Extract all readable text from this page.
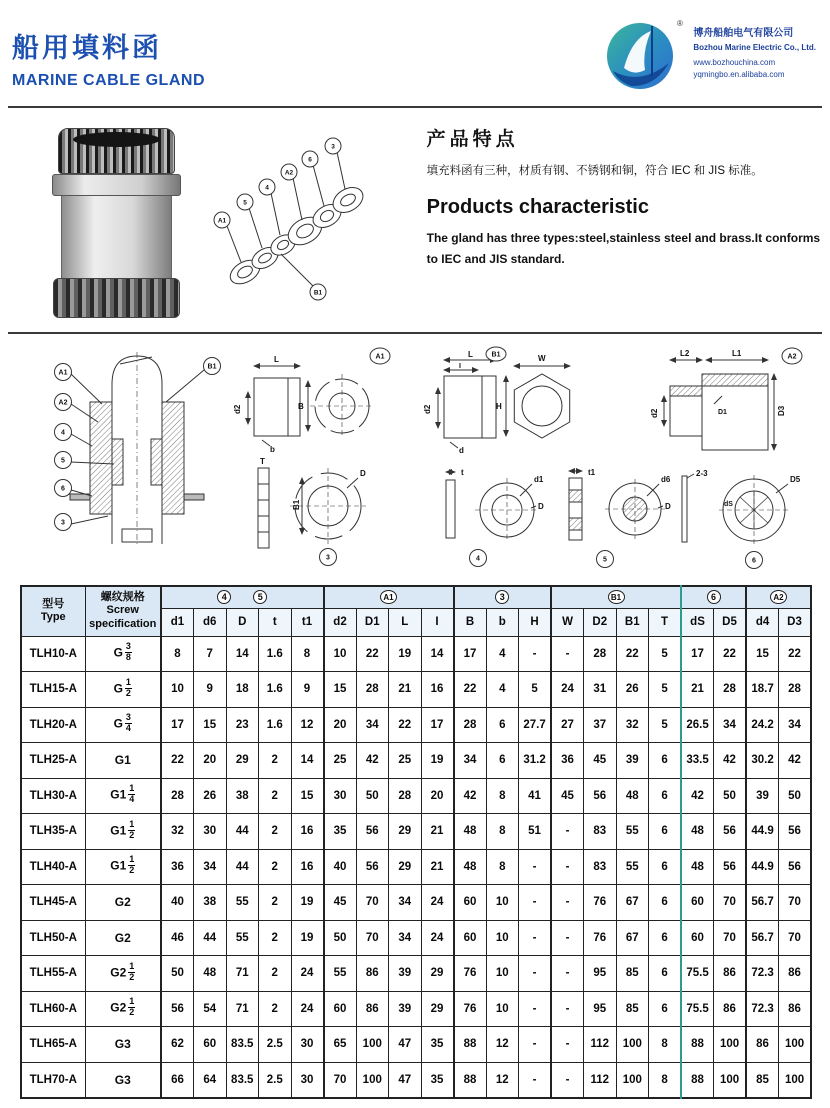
船用填料函
MARINE CABLE GLAND
®
博舟船舶电气有限公司
Bozhou Marine Electric Co., Ltd.
www.bozhouchina.com
yqmingbo.en.alibaba.com
A1
5
4
A2
6
3
B1
产品特点
填充料函有三种，材质有钢、不锈钢和铜，符合 IEC 和 JIS 标准。
Products characteristic
The gland has three types:steel,stainless steel and brass.It conforms to IEC and JIS standard.
A1
A2
4
5
6
3
B1
L
d2
b
B
A1
T
B1
D
3
L
I
d2
d
W
H
B1	L2	L1
d2	D1	D3
A2
t
d1
D
4
t1
d6
D
5
2-3
D5
dS
6
型号
Type

螺纹规格
Screw
specification
	4	5	A1	3	B1	6	A2
		d1	d6	D	t	t1	d2	D1	L	I	B	b	H	W	D2	B1	T	dS	D5	d4	D3
TLH10-A	G $\frac{3}{8}$	8	7	14	1.6	8	10	22	19	14	17	4	-	-	28	22	5	17	22	15	22
TLH15-A	G $\frac{1}{2}$	10	9	18	1.6	9	15	28	21	16	22	4	5	24	31	26	5	21	28	18.7	28
TLH20-A	G $\frac{3}{4}$	17	15	23	1.6	12	20	34	22	17	28	6	27.7	27	37	32	5	26.5	34	24.2	34
TLH25-A	G1	22	20	29	2	14	25	42	25	19	34	6	31.2	36	45	39	6	33.5	42	30.2	42
TLH30-A	$G1 \frac{1}{4}$	28	26	38	2	15	30	50	28	20	42	8	41	45	56	48	6	42	50	39	50
TLH35-A	$G1 \frac{1}{2}$	32	30	44	2	16	35	56	29	21	48	8	51	-	83	55	6	48	56	44.9	56
TLH40-A	$G1 \frac{1}{2}$	36	34	44	2	16	40	56	29	21	48	8	-	-	83	55	6	48	56	44.9	56
TLH45-A	G2	40	38	55	2	19	45	70	34	24	60	10	-	-	76	67	6	60	70	56.7	70
TLH50-A	G2	46	44	55	2	19	50	70	34	24	60	10	-	-	76	67	6	60	70	56.7	70
TLH55-A	$G2 \frac{1}{2}$	50	48	71	2	24	55	86	39	29	76	10	-	-	95	85	6	75.5	86	72.3	86
TLH60-A	$G2 \frac{1}{2}$	56	54	71	2	24	60	86	39	29	76	10	-	-	95	85	6	75.5	86	72.3	86
TLH65-A	G3	62	60	83.5	2.5	30	65	100	47	35	88	12	-	-	112	100	8	88	100	86	100
TLH70-A	G3	66	64	83.5	2.5	30	70	100	47	35	88	12	-	-	112	100	8	88	100	85	100
